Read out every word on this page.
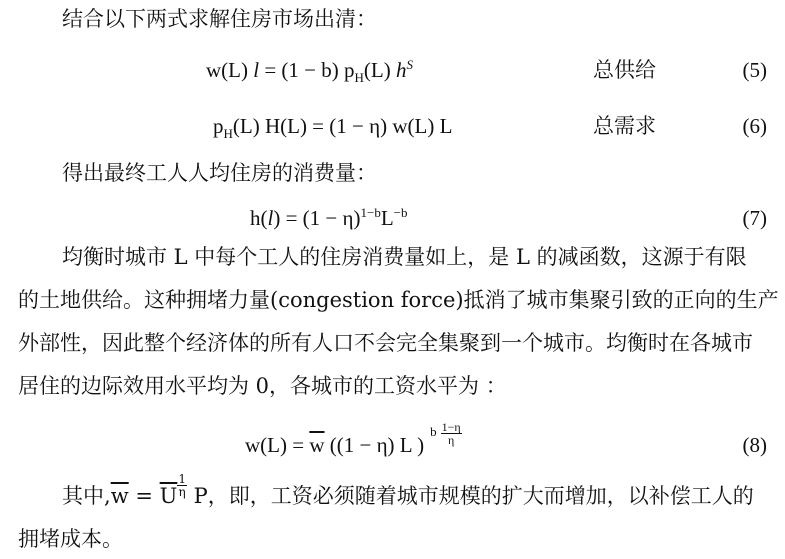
结合以下两式求解住房市场出清：
w(L) l = (1 − b) $p_H(L)$ $h^S$	总供给	(5)
$p_H(L) H(L) = (1 - \eta)$ w(L) L	总需求	(6)
得出最终工人人均住房的消费量：
$h(l) = (1 - \eta)^{1-b}L^{-b}$	(7)
均衡时城市 L 中每个工人的住房消费量如上，是 L 的减函数，这源于有限
的土地供给。这种拥堵力量(congestion force)抵消了城市集聚引致的正向的生产
外部性，因此整个经济体的所有人口不会完全集聚到一个城市。均衡时在各城市
居住的边际效用水平均为 0，各城市的工资水平为 ：
$w(L) = \overline{w}$ ((1 − η) L )$^{b \frac{1-\eta}{\eta}}$	(8)
其中$,\overline{w} = \overline{U} \frac{1}{\eta}$ P，即，工资必须随着城市规模的扩大而增加，以补偿工人的
拥堵成本。
